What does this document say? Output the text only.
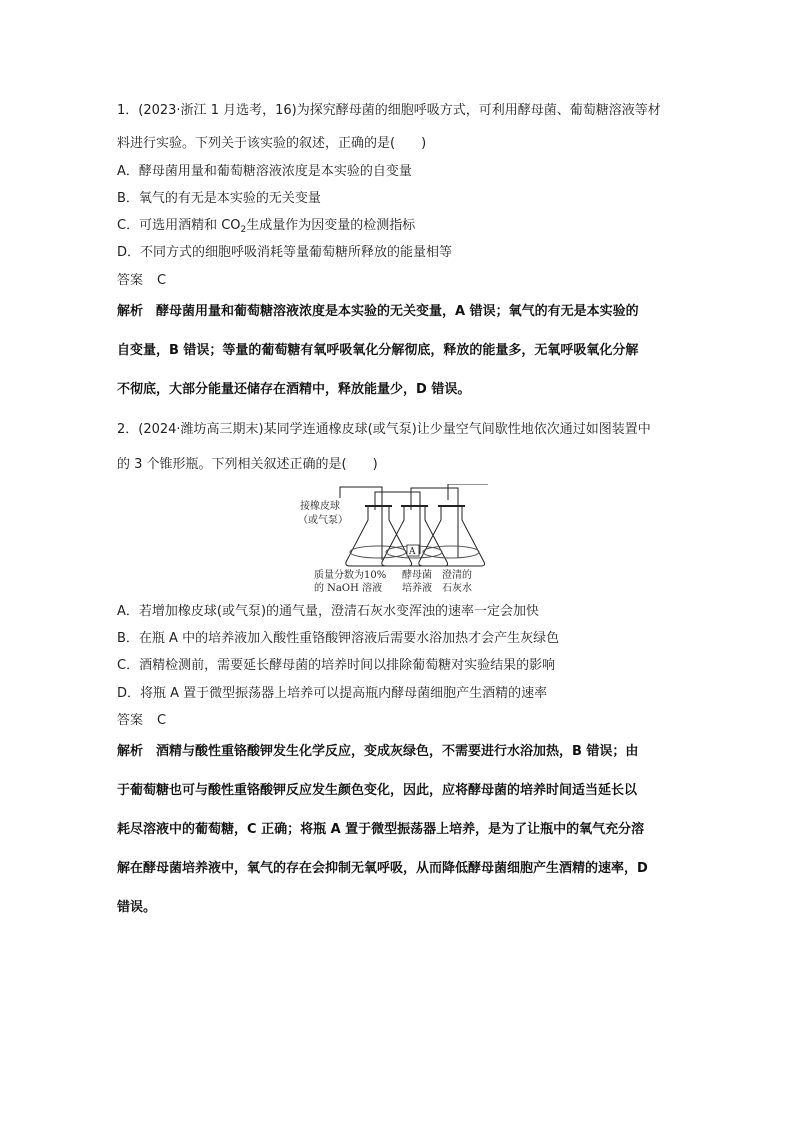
1．(2023·浙江 1 月选考，16)为探究酵母菌的细胞呼吸方式，可利用酵母菌、葡萄糖溶液等材
料进行实验。下列关于该实验的叙述，正确的是(　　)
A．酵母菌用量和葡萄糖溶液浓度是本实验的自变量
B．氧气的有无是本实验的无关变量
C．可选用酒精和 $CO_2$生成量作为因变量的检测指标
D．不同方式的细胞呼吸消耗等量葡萄糖所释放的能量相等
答案 C
解析　酵母菌用量和葡萄糖溶液浓度是本实验的无关变量，A 错误；氧气的有无是本实验的
自变量，B 错误；等量的葡萄糖有氧呼吸氧化分解彻底，释放的能量多，无氧呼吸氧化分解
不彻底，大部分能量还储存在酒精中，释放能量少，D 错误。
2．(2024·潍坊高三期末)某同学连通橡皮球(或气泵)让少量空气间歇性地依次通过如图装置中
的 3 个锥形瓶。下列相关叙述正确的是(　　)
接橡皮球
（或气泵）
A
质量分数为10%
的 NaOH 溶液
酵母菌
培养液
澄清的
石灰水
A．若增加橡皮球(或气泵)的通气量，澄清石灰水变浑浊的速率一定会加快
B．在瓶 A 中的培养液加入酸性重铬酸钾溶液后需要水浴加热才会产生灰绿色
C．酒精检测前，需要延长酵母菌的培养时间以排除葡萄糖对实验结果的影响
D．将瓶 A 置于微型振荡器上培养可以提高瓶内酵母菌细胞产生酒精的速率
答案 C
解析　酒精与酸性重铬酸钾发生化学反应，变成灰绿色，不需要进行水浴加热，B 错误；由
于葡萄糖也可与酸性重铬酸钾反应发生颜色变化，因此，应将酵母菌的培养时间适当延长以
耗尽溶液中的葡萄糖，C 正确；将瓶 A 置于微型振荡器上培养，是为了让瓶中的氧气充分溶
解在酵母菌培养液中，氧气的存在会抑制无氧呼吸，从而降低酵母菌细胞产生酒精的速率，D
错误。
